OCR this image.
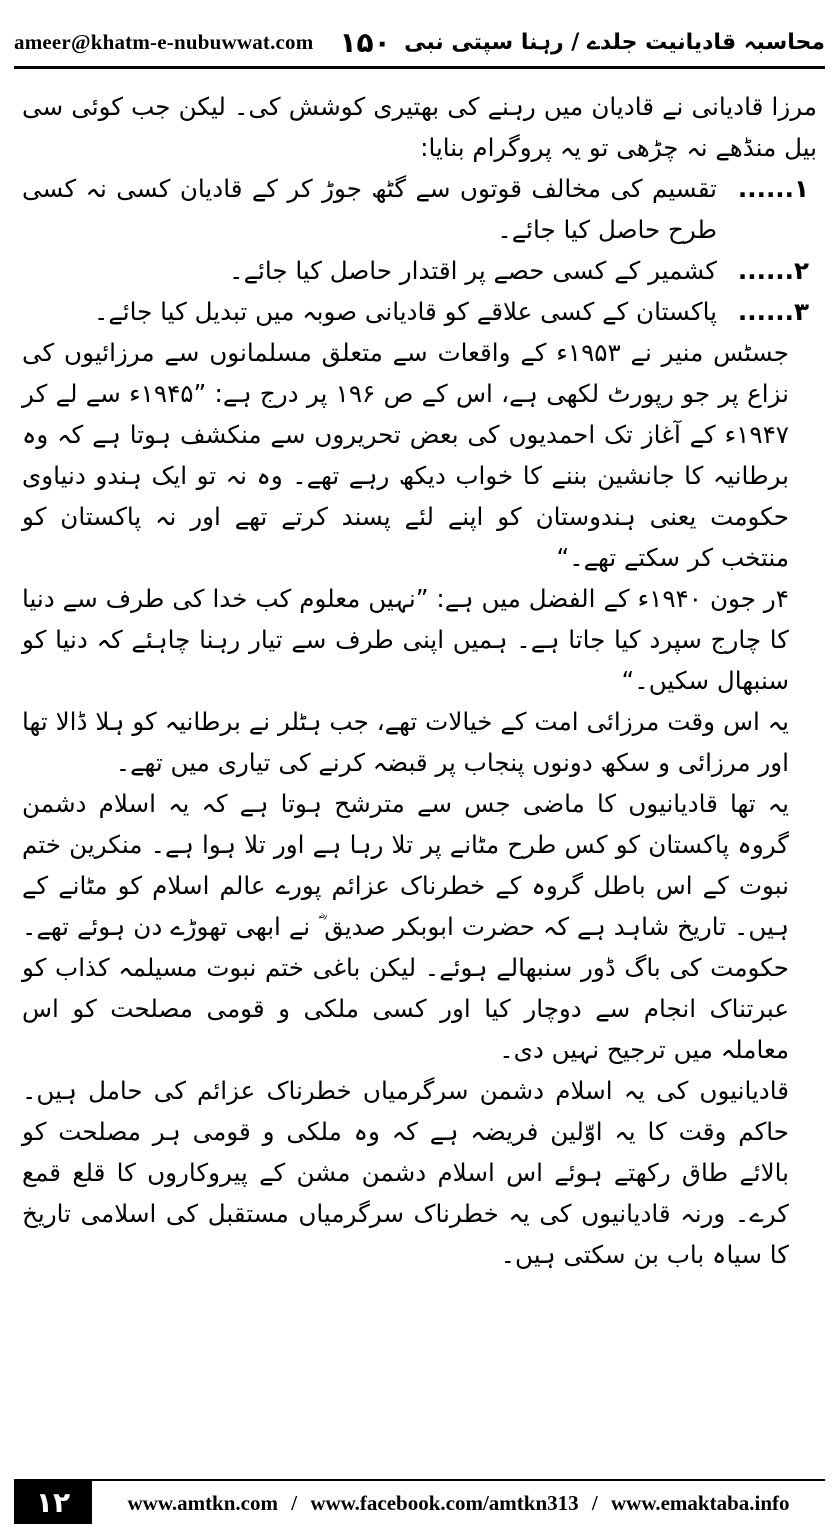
ameer@khatm-e-nubuwwat.com ۱۵۰ محاسبہ قادیانیت جلدے / رہنا سپتی نبی

مرزا قادیانی نے قادیان میں رہنے کی بھتیری کوشش کی۔ لیکن جب کوئی سی بیل منڈھے نہ چڑھی تو یہ پروگرام بنایا:

۱......
تقسیم کی مخالف قوتوں سے گٹھ جوڑ کر کے قادیان کسی نہ کسی طرح حاصل کیا جائے۔
۲......
کشمیر کے کسی حصے پر اقتدار حاصل کیا جائے۔
۳......
پاکستان کے کسی علاقے کو قادیانی صوبہ میں تبدیل کیا جائے۔

جسٹس منیر نے ۱۹۵۳ء کے واقعات سے متعلق مسلمانوں سے مرزائیوں کی نزاع پر جو رپورٹ لکھی ہے، اس کے ص ۱۹۶ پر درج ہے: ”۱۹۴۵ء سے لے کر ۱۹۴۷ء کے آغاز تک احمدیوں کی بعض تحریروں سے منکشف ہوتا ہے کہ وہ برطانیہ کا جانشین بننے کا خواب دیکھ رہے تھے۔ وہ نہ تو ایک ہندو دنیاوی حکومت یعنی ہندوستان کو اپنے لئے پسند کرتے تھے اور نہ پاکستان کو منتخب کر سکتے تھے۔“

۴ر جون ۱۹۴۰ء کے الفضل میں ہے: ”نہیں معلوم کب خدا کی طرف سے دنیا کا چارج سپرد کیا جاتا ہے۔ ہمیں اپنی طرف سے تیار رہنا چاہئے کہ دنیا کو سنبھال سکیں۔“

یہ اس وقت مرزائی امت کے خیالات تھے، جب ہٹلر نے برطانیہ کو ہلا ڈالا تھا اور مرزائی و سکھ دونوں پنجاب پر قبضہ کرنے کی تیاری میں تھے۔

یہ تھا قادیانیوں کا ماضی جس سے مترشح ہوتا ہے کہ یہ اسلام دشمن گروہ پاکستان کو کس طرح مٹانے پر تلا رہا ہے اور تلا ہوا ہے۔ منکرین ختم نبوت کے اس باطل گروہ کے خطرناک عزائم پورے عالم اسلام کو مٹانے کے ہیں۔ تاریخ شاہد ہے کہ حضرت ابوبکر صدیق ؓ نے ابھی تھوڑے دن ہوئے تھے۔ حکومت کی باگ ڈور سنبھالے ہوئے۔ لیکن باغی ختم نبوت مسیلمہ کذاب کو عبرتناک انجام سے دوچار کیا اور کسی ملکی و قومی مصلحت کو اس معاملہ میں ترجیح نہیں دی۔

قادیانیوں کی یہ اسلام دشمن سرگرمیاں خطرناک عزائم کی حامل ہیں۔ حاکم وقت کا یہ اوّلین فریضہ ہے کہ وہ ملکی و قومی ہر مصلحت کو بالائے طاق رکھتے ہوئے اس اسلام دشمن مشن کے پیروکاروں کا قلع قمع کرے۔ ورنہ قادیانیوں کی یہ خطرناک سرگرمیاں مستقبل کی اسلامی تاریخ کا سیاہ باب بن سکتی ہیں۔

۱۲	www.amtkn.com / www.facebook.com/amtkn313 / www.emaktaba.info
